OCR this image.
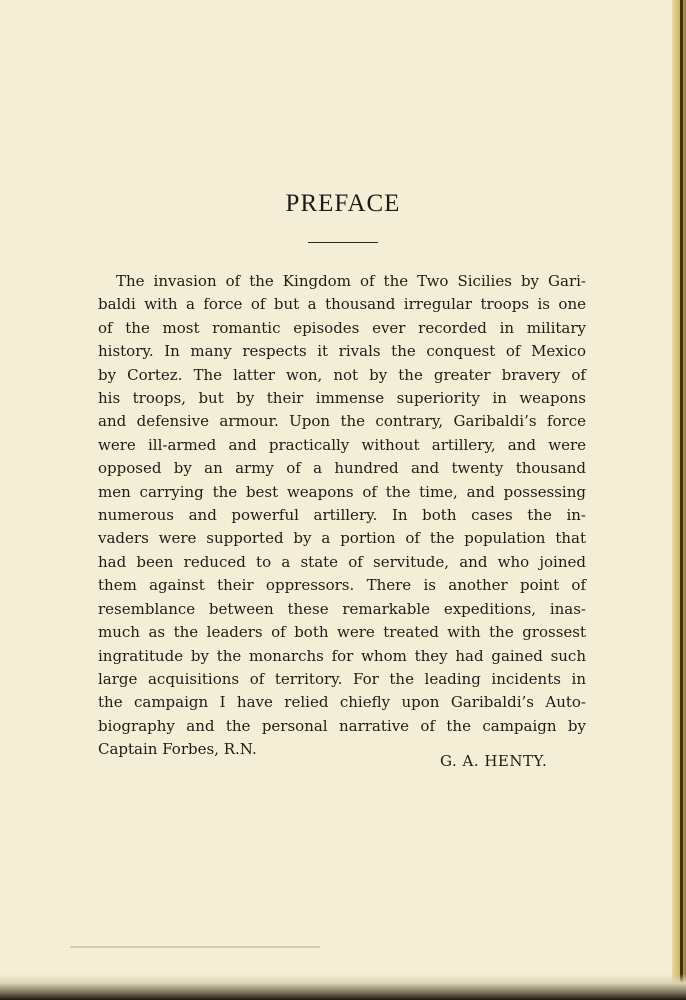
PREFACE
The invasion of the Kingdom of the Two Sicilies by Gari-
baldi with a force of but a thousand irregular troops is one
of the most romantic episodes ever recorded in military
history. In many respects it rivals the conquest of Mexico
by Cortez. The latter won, not by the greater bravery of
his troops, but by their immense superiority in weapons
and defensive armour. Upon the contrary, Garibaldi’s force
were ill-armed and practically without artillery, and were
opposed by an army of a hundred and twenty thousand
men carrying the best weapons of the time, and possessing
numerous and powerful artillery. In both cases the in-
vaders were supported by a portion of the population that
had been reduced to a state of servitude, and who joined
them against their oppressors. There is another point of
resemblance between these remarkable expeditions, inas-
much as the leaders of both were treated with the grossest
ingratitude by the monarchs for whom they had gained such
large acquisitions of territory. For the leading incidents in
the campaign I have relied chiefly upon Garibaldi’s Auto-
biography and the personal narrative of the campaign by
Captain Forbes, R.N.
G. A. HENTY.
